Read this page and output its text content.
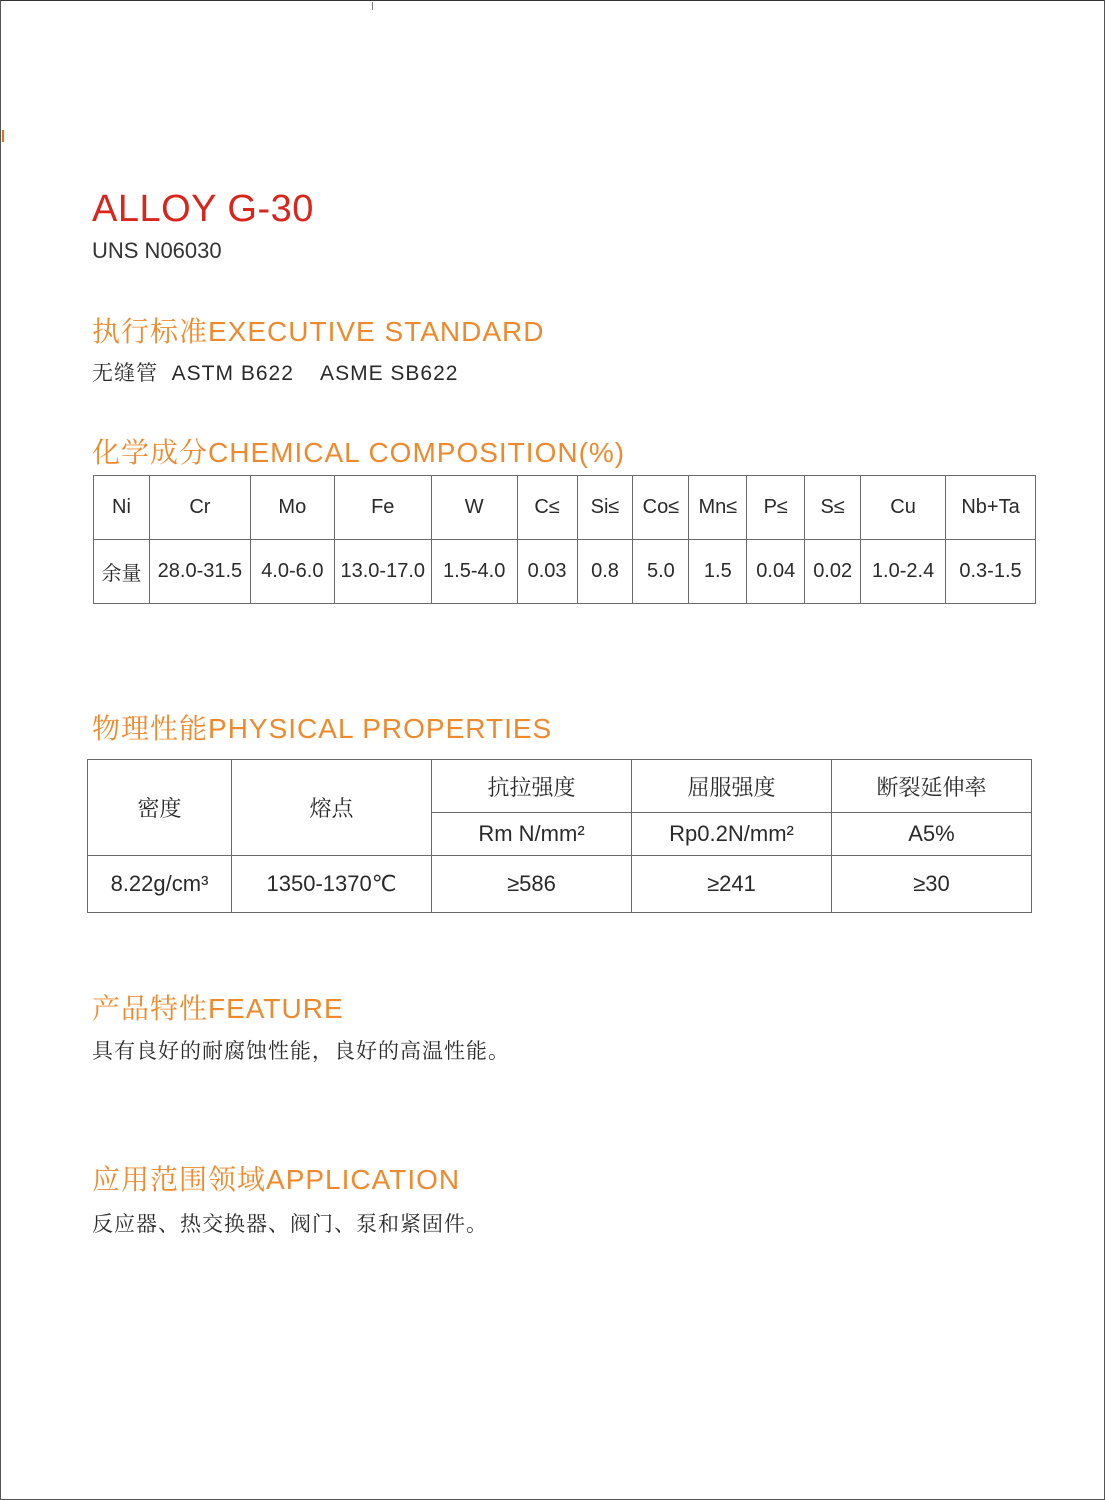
ALLOY G-30
UNS N06030
执行标准EXECUTIVE STANDARD
无缝管  ASTM B622    ASME SB622
化学成分CHEMICAL COMPOSITION(%)
Ni	Cr	Mo	Fe	W	C≤	Si≤	Co≤	Mn≤	P≤	S≤	Cu	Nb+Ta
余量	28.0-31.5	4.0-6.0	13.0-17.0	1.5-4.0	0.03	0.8	5.0	1.5	0.04	0.02	1.0-2.4	0.3-1.5
物理性能PHYSICAL PROPERTIES
密度	熔点	抗拉强度	屈服强度	断裂延伸率
		Rm N/mm²	Rp0.2N/mm²	A5%
8.22g/cm³	1350-1370℃	≥586	≥241	≥30
产品特性FEATURE
具有良好的耐腐蚀性能，良好的高温性能。
应用范围领域APPLICATION
反应器、热交换器、阀门、泵和紧固件。
